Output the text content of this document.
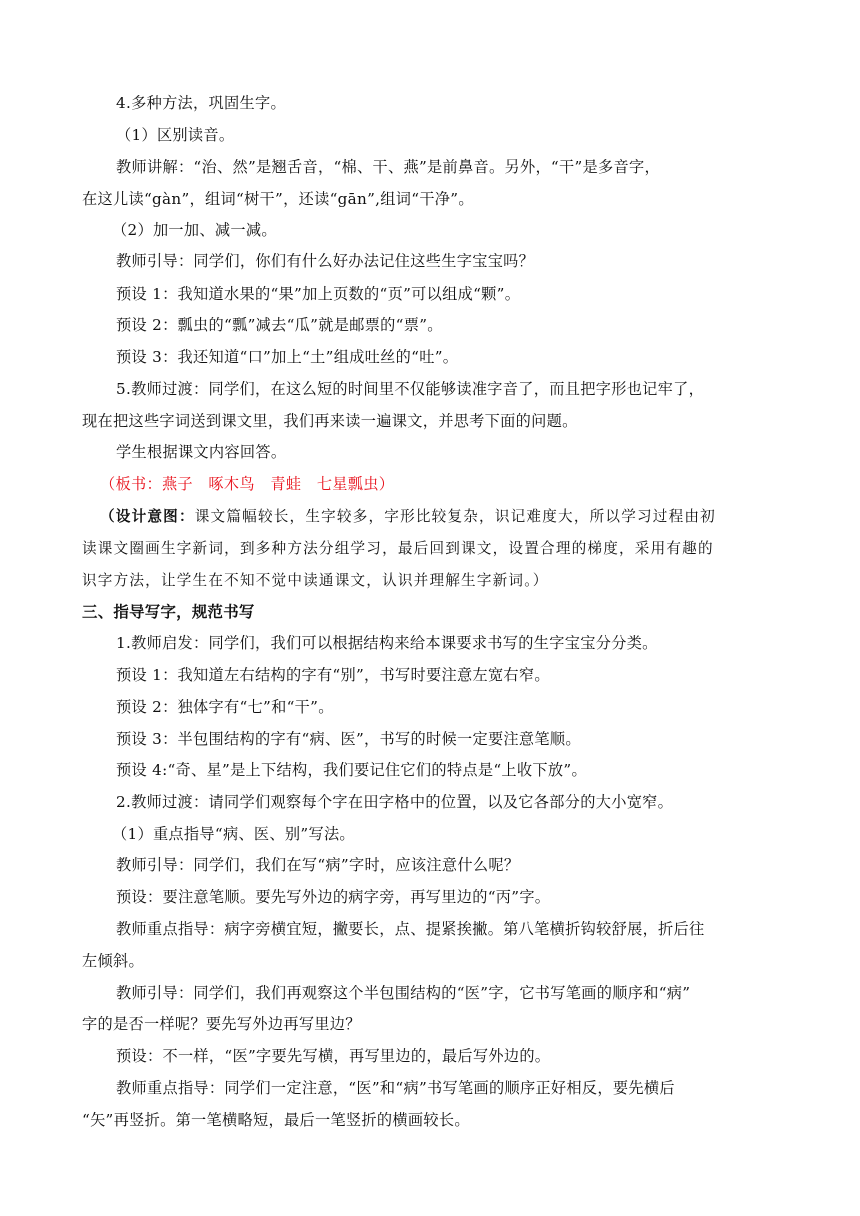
4.多种方法，巩固生字。
（1）区别读音。
教师讲解：“治、然”是翘舌音，“棉、干、燕”是前鼻音。另外，“干”是多音字，
在这儿读“gàn”，组词“树干”，还读“gān”,组词“干净”。
（2）加一加、减一减。
教师引导：同学们，你们有什么好办法记住这些生字宝宝吗？
预设 1：我知道水果的“果”加上页数的“页”可以组成“颗”。
预设 2：瓢虫的“瓢”减去“瓜”就是邮票的“票”。
预设 3：我还知道“口”加上“土”组成吐丝的“吐”。
5.教师过渡：同学们，在这么短的时间里不仅能够读准字音了，而且把字形也记牢了，
现在把这些字词送到课文里，我们再来读一遍课文，并思考下面的问题。
学生根据课文内容回答。
（板书：燕子　啄木鸟　青蛙　七星瓢虫）
（设计意图：课文篇幅较长，生字较多，字形比较复杂，识记难度大，所以学习过程由初
读课文圈画生字新词，到多种方法分组学习，最后回到课文，设置合理的梯度，采用有趣的
识字方法，让学生在不知不觉中读通课文，认识并理解生字新词。）
三、指导写字，规范书写
1.教师启发：同学们，我们可以根据结构来给本课要求书写的生字宝宝分分类。
预设 1：我知道左右结构的字有“别”，书写时要注意左宽右窄。
预设 2：独体字有“七”和“干”。
预设 3：半包围结构的字有“病、医”，书写的时候一定要注意笔顺。
预设 4:“奇、星”是上下结构，我们要记住它们的特点是“上收下放”。
2.教师过渡：请同学们观察每个字在田字格中的位置，以及它各部分的大小宽窄。
（1）重点指导“病、医、别”写法。
教师引导：同学们，我们在写“病”字时，应该注意什么呢？
预设：要注意笔顺。要先写外边的病字旁，再写里边的“丙”字。
教师重点指导：病字旁横宜短，撇要长，点、提紧挨撇。第八笔横折钩较舒展，折后往
左倾斜。
教师引导：同学们，我们再观察这个半包围结构的“医”字，它书写笔画的顺序和“病”
字的是否一样呢？要先写外边再写里边？
预设：不一样，“医”字要先写横，再写里边的，最后写外边的。
教师重点指导：同学们一定注意，“医”和“病”书写笔画的顺序正好相反，要先横后
“矢”再竖折。第一笔横略短，最后一笔竖折的横画较长。
